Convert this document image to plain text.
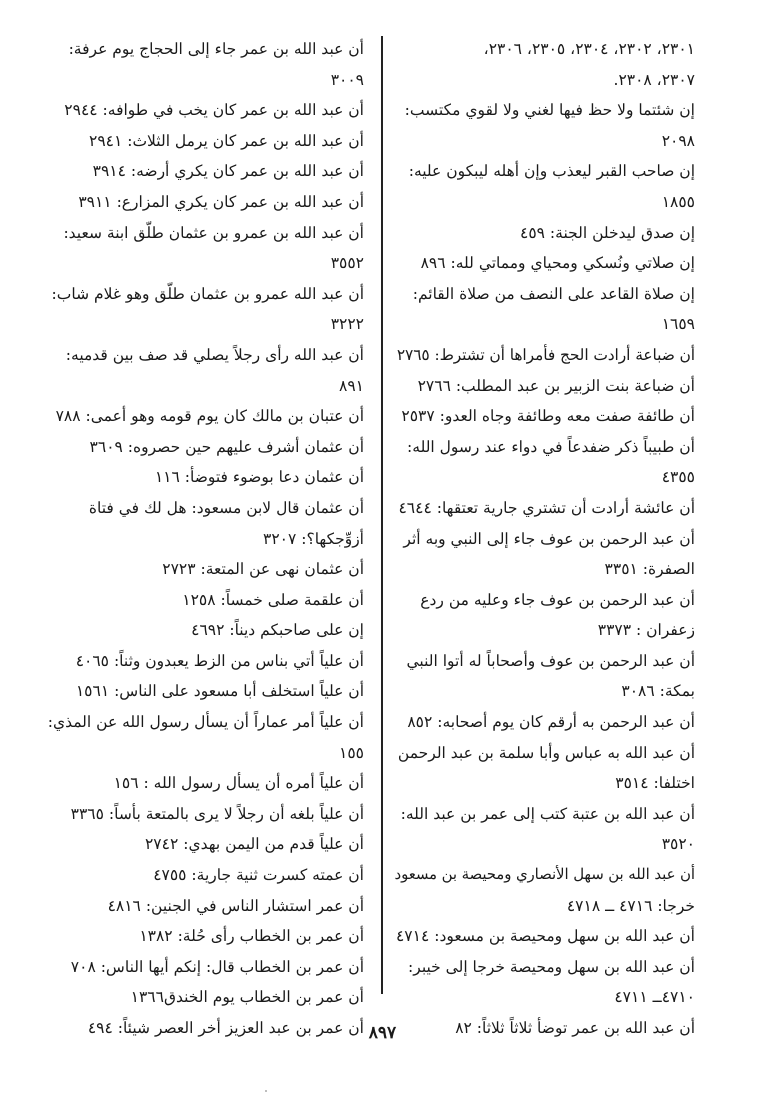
٢٣٠١، ٢٣٠٢، ٢٣٠٤، ٢٣٠٥، ٢٣٠٦،
٢٣٠٧، ٢٣٠٨.
إن شئتما ولا حظ فيها لغني ولا لقوي مكتسب:
٢٠٩٨
إن صاحب القبر ليعذب وإن أهله ليبكون عليه:
١٨٥٥
إن صدق ليدخلن الجنة: ٤٥٩
إن صلاتي ونُسكي ومحياي ومماتي لله: ٨٩٦
إن صلاة القاعد على النصف من صلاة القائم:
١٦٥٩
أن ضباعة أرادت الحج فأمراها أن تشترط: ٢٧٦٥
أن ضباعة بنت الزبير بن عبد المطلب: ٢٧٦٦
أن طائفة صفت معه وطائفة وجاه العدو: ٢٥٣٧
أن طبيباً ذكر ضفدعاً في دواء عند رسول الله:
٤٣٥٥
أن عائشة أرادت أن تشتري جارية تعتقها: ٤٦٤٤
أن عبد الرحمن بن عوف جاء إلى النبي وبه أثر
الصفرة: ٣٣٥١
أن عبد الرحمن بن عوف جاء وعليه من ردع
زعفران : ٣٣٧٣
أن عبد الرحمن بن عوف وأصحاباً له أتوا النبي
بمكة: ٣٠٨٦
أن عبد الرحمن به أرقم كان يوم أصحابه: ٨٥٢
أن عبد الله به عباس وأبا سلمة بن عبد الرحمن
اختلفا: ٣٥١٤
أن عبد الله بن عتبة كتب إلى عمر بن عبد الله:
٣٥٢٠
أن عبد الله بن سهل الأنصاري ومحيصة بن مسعود
خرجا: ٤٧١٦ ــ ٤٧١٨
أن عبد الله بن سهل ومحيصة بن مسعود: ٤٧١٤
أن عبد الله بن سهل ومحيصة خرجا إلى خيبر:
٤٧١٠ــ ٤٧١١
أن عبد الله بن عمر توضأ ثلاثاً ثلاثاً: ٨٢
أن عبد الله بن عمر جاء إلى الحجاج يوم عرفة:
٣٠٠٩
أن عبد الله بن عمر كان يخب في طوافه: ٢٩٤٤
أن عبد الله بن عمر كان يرمل الثلاث: ٢٩٤١
أن عبد الله بن عمر كان يكري أرضه: ٣٩١٤
أن عبد الله بن عمر كان يكري المزارع: ٣٩١١
أن عبد الله بن عمرو بن عثمان طلّق ابنة سعيد:
٣٥٥٢
أن عبد الله عمرو بن عثمان طلّق وهو غلام شاب:
٣٢٢٢
أن عبد الله رأى رجلاً يصلي قد صف بين قدميه:
٨٩١
أن عتبان بن مالك كان يوم قومه وهو أعمى: ٧٨٨
أن عثمان أشرف عليهم حين حصروه: ٣٦٠٩
أن عثمان دعا بوضوء فتوضأ: ١١٦
أن عثمان قال لابن مسعود: هل لك في فتاة
أزوِّجكها؟: ٣٢٠٧
أن عثمان نهى عن المتعة: ٢٧٢٣
أن علقمة صلى خمساً: ١٢٥٨
إن على صاحبكم ديناً: ٤٦٩٢
أن علياً أتي بناس من الزط يعبدون وثناً: ٤٠٦٥
أن علياً استخلف أبا مسعود على الناس: ١٥٦١
أن علياً أمر عماراً أن يسأل رسول الله عن المذي:
١٥٥
أن علياً أمره أن يسأل رسول الله : ١٥٦
أن علياً بلغه أن رجلاً لا يرى بالمتعة بأساً: ٣٣٦٥
أن علياً قدم من اليمن بهدي: ٢٧٤٢
أن عمته كسرت ثنية جارية: ٤٧٥٥
أن عمر استشار الناس في الجنين: ٤٨١٦
أن عمر بن الخطاب رأى حُلة: ١٣٨٢
أن عمر بن الخطاب قال: إنكم أيها الناس: ٧٠٨
أن عمر بن الخطاب يوم الخندق١٣٦٦
أن عمر بن عبد العزيز أخر العصر شيئاً: ٤٩٤ ٨٩٧
